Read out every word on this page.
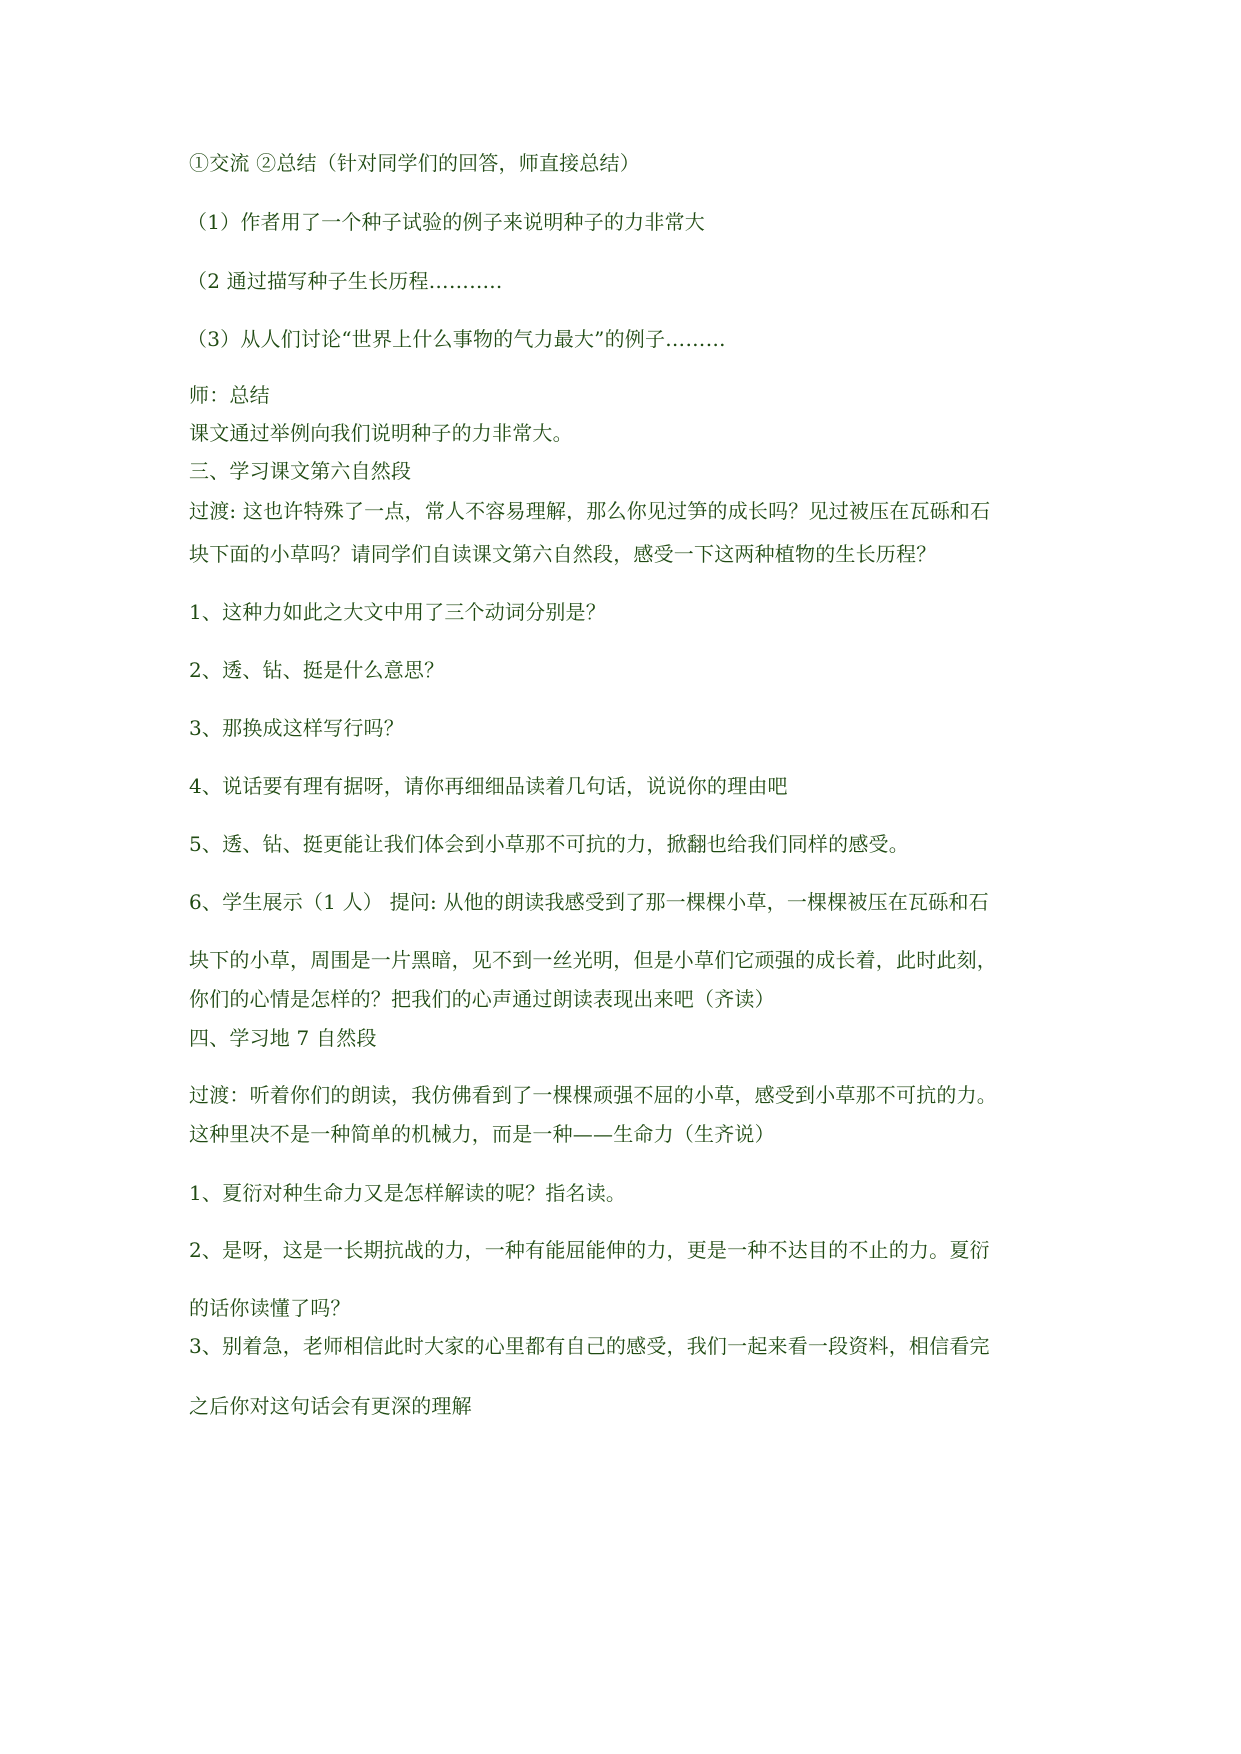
①交流 ②总结（针对同学们的回答，师直接总结）
（1）作者用了一个种子试验的例子来说明种子的力非常大
（2 通过描写种子生长历程………..
（3）从人们讨论“世界上什么事物的气力最大”的例子………
师：总结
课文通过举例向我们说明种子的力非常大。
三、学习课文第六自然段
过渡: 这也许特殊了一点，常人不容易理解，那么你见过笋的成长吗？见过被压在瓦砾和石
块下面的小草吗？请同学们自读课文第六自然段，感受一下这两种植物的生长历程？
1、这种力如此之大文中用了三个动词分别是？
2、透、钻、挺是什么意思？
3、那换成这样写行吗？
4、说话要有理有据呀，请你再细细品读着几句话，说说你的理由吧
5、透、钻、挺更能让我们体会到小草那不可抗的力，掀翻也给我们同样的感受。
6、学生展示（1 人） 提问: 从他的朗读我感受到了那一棵棵小草，一棵棵被压在瓦砾和石
块下的小草，周围是一片黑暗，见不到一丝光明，但是小草们它顽强的成长着，此时此刻，
你们的心情是怎样的？把我们的心声通过朗读表现出来吧（齐读）
四、学习地 7 自然段
过渡：听着你们的朗读，我仿佛看到了一棵棵顽强不屈的小草，感受到小草那不可抗的力。
这种里决不是一种简单的机械力，而是一种——生命力（生齐说）
1、夏衍对种生命力又是怎样解读的呢？指名读。
2、是呀，这是一长期抗战的力，一种有能屈能伸的力，更是一种不达目的不止的力。夏衍
的话你读懂了吗？
3、别着急，老师相信此时大家的心里都有自己的感受，我们一起来看一段资料，相信看完
之后你对这句话会有更深的理解
